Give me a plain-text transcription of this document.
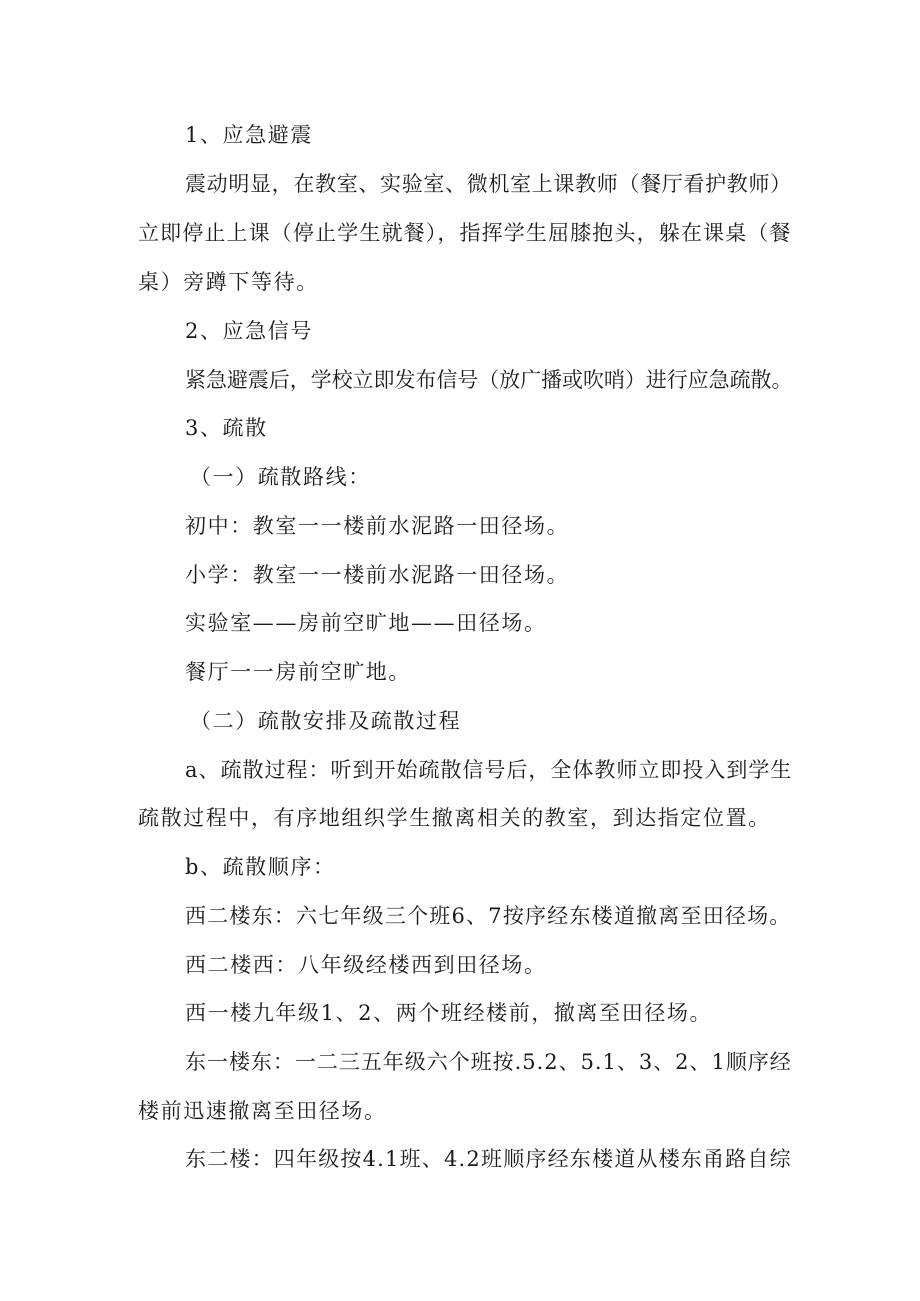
1、应急避震

震动明显，在教室、实验室、微机室上课教师（餐厅看护教师）

立即停止上课（停止学生就餐），指挥学生屈膝抱头，躲在课桌（餐

桌）旁蹲下等待。

2、应急信号

紧急避震后，学校立即发布信号（放广播或吹哨）进行应急疏散。

3、疏散

（一）疏散路线：

初中：教室一一楼前水泥路一田径场。

小学：教室一一楼前水泥路一田径场。

实验室——房前空旷地——田径场。

餐厅一一房前空旷地。

（二）疏散安排及疏散过程

a、疏散过程：听到开始疏散信号后，全体教师立即投入到学生

疏散过程中，有序地组织学生撤离相关的教室，到达指定位置。

b、疏散顺序：

西二楼东：六七年级三个班6、7按序经东楼道撤离至田径场。

西二楼西：八年级经楼西到田径场。

西一楼九年级1、2、两个班经楼前，撤离至田径场。

东一楼东：一二三五年级六个班按.5.2、5.1、3、2、1顺序经

楼前迅速撤离至田径场。

东二楼：四年级按4.1班、4.2班顺序经东楼道从楼东甬路自综
